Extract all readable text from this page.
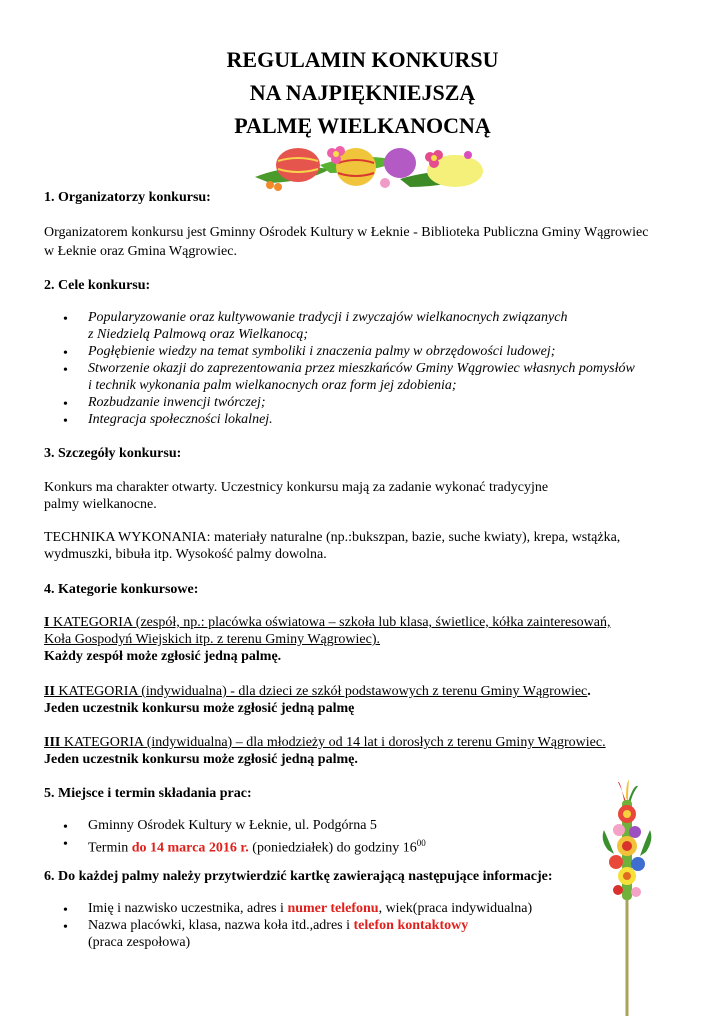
REGULAMIN KONKURSU
NA NAJPIĘKNIEJSZĄ
PALMĘ WIELKANOCNĄ
1. Organizatorzy konkursu:
Organizatorem konkursu jest Gminny Ośrodek Kultury w Łeknie - Biblioteka Publiczna Gminy Wągrowiec
w Łeknie oraz Gmina Wągrowiec.
2. Cele konkursu:
• Popularyzowanie oraz kultywowanie tradycji i zwyczajów wielkanocnych związanych
z Niedzielą Palmową oraz Wielkanocą;
• Pogłębienie wiedzy na temat symboliki i znaczenia palmy w obrzędowości ludowej;
• Stworzenie okazji do zaprezentowania przez mieszkańców Gminy Wągrowiec własnych pomysłów
i technik wykonania palm wielkanocnych oraz form jej zdobienia;
• Rozbudzanie inwencji twórczej;
• Integracja społeczności lokalnej.
3. Szczegóły konkursu:
Konkurs ma charakter otwarty. Uczestnicy konkursu mają za zadanie wykonać tradycyjne
palmy wielkanocne.
TECHNIKA WYKONANIA: materiały naturalne (np.:bukszpan, bazie, suche kwiaty), krepa, wstążka,
wydmuszki, bibuła itp. Wysokość palmy dowolna.
4. Kategorie konkursowe:
I KATEGORIA (zespół, np.: placówka oświatowa – szkoła lub klasa, świetlice, kółka zainteresowań,
Koła Gospodyń Wiejskich itp. z terenu Gminy Wągrowiec).
Każdy zespół może zgłosić jedną palmę.
II KATEGORIA (indywidualna) - dla dzieci ze szkół podstawowych z terenu Gminy Wągrowiec.
Jeden uczestnik konkursu może zgłosić jedną palmę
III KATEGORIA (indywidualna) – dla młodzieży od 14 lat i dorosłych z terenu Gminy Wągrowiec.
Jeden uczestnik konkursu może zgłosić jedną palmę.
5. Miejsce i termin składania prac:
• Gminny Ośrodek Kultury w Łeknie, ul. Podgórna 5
• Termin do 14 marca 2016 r. (poniedziałek) do godziny $16^{00}$
6. Do każdej palmy należy przytwierdzić kartkę zawierającą następujące informacje:
• Imię i nazwisko uczestnika, adres i numer telefonu, wiek(praca indywidualna)
• Nazwa placówki, klasa, nazwa koła itd.,adres i telefon kontaktowy
(praca zespołowa)
